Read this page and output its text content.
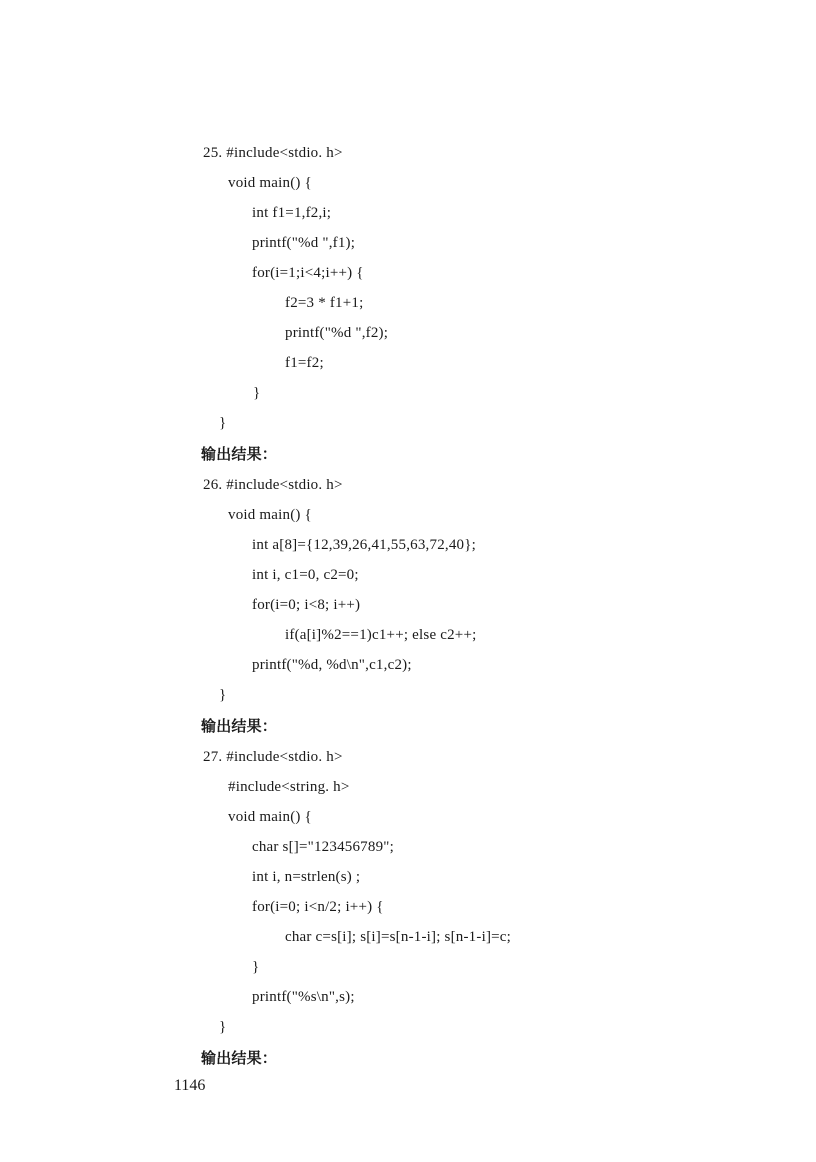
25. #include<stdio. h>
void main() {
int f1=1,f2,i;
printf("%d ",f1);
for(i=1;i<4;i++) {
f2=3 * f1+1;
printf("%d ",f2);
f1=f2;
}
}
输出结果：
26. #include<stdio. h>
void main() {
int a[8]={12,39,26,41,55,63,72,40};
int i, c1=0, c2=0;
for(i=0; i<8; i++)
if(a[i]%2==1)c1++; else c2++;
printf("%d, %d\n",c1,c2);
}
输出结果：
27. #include<stdio. h>
#include<string. h>
void main() {
char s[]="123456789";
int i, n=strlen(s) ;
for(i=0; i<n/2; i++) {
char c=s[i]; s[i]=s[n-1-i]; s[n-1-i]=c;
}
printf("%s\n",s);
}
输出结果：
1146
